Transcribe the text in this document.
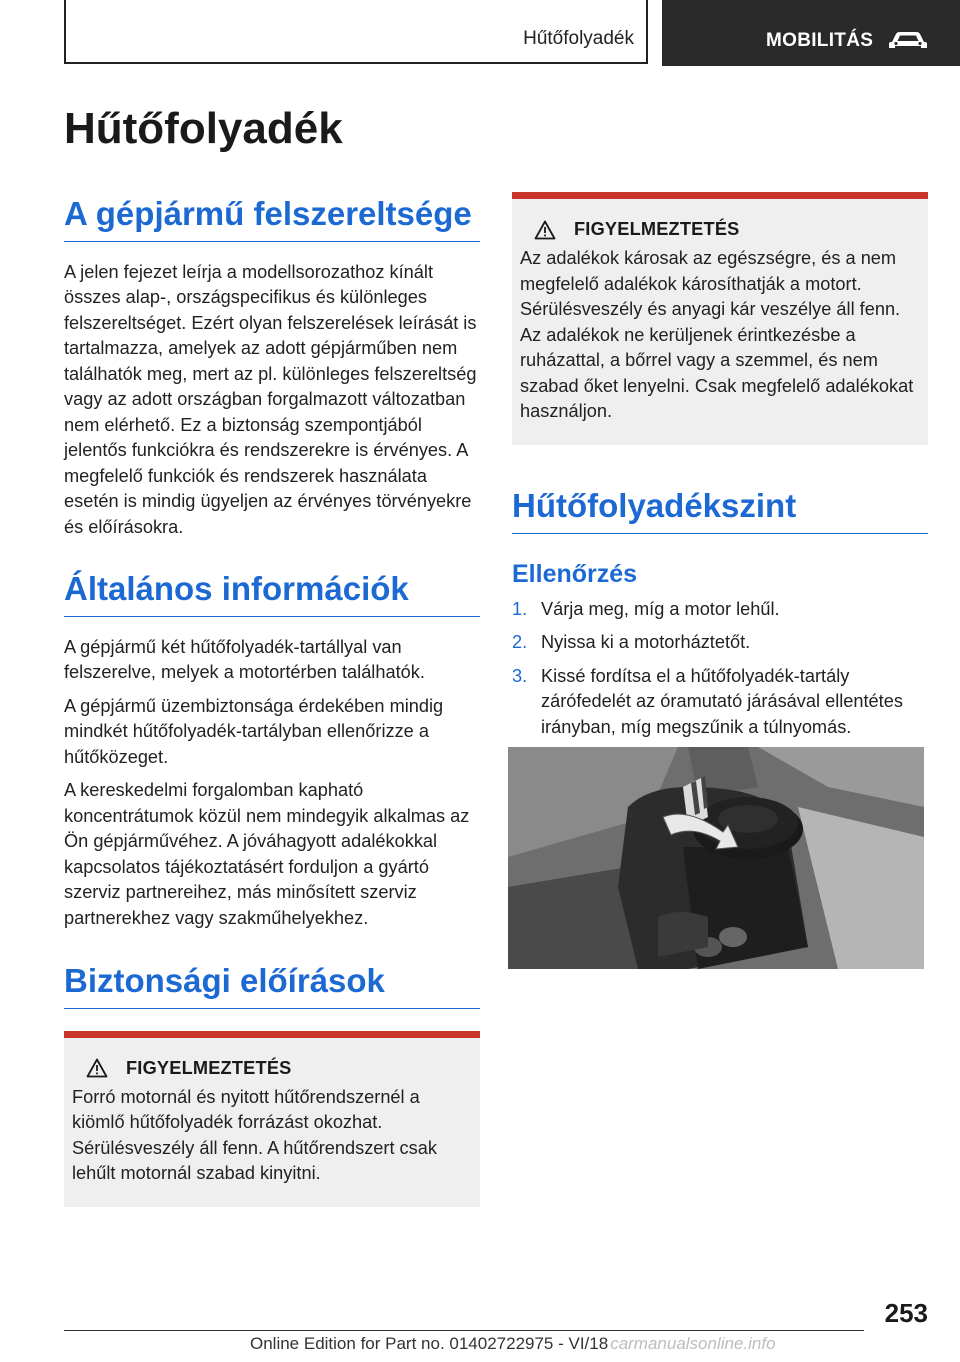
Hűtőfolyadék	MOBILITÁS
Hűtőfolyadék
A gépjármű felszereltsége

A jelen fejezet leírja a modellsorozathoz kínált összes alap-, országspecifikus és különleges felszereltséget. Ezért olyan felszerelések leírását is tartalmazza, amelyek az adott gépjárműben nem találhatók meg, mert az pl. különleges felszereltség vagy az adott országban forgalmazott változatban nem elérhető. Ez a biztonság szempontjából jelentős funkciókra és rendszerekre is érvényes. A megfelelő funkciók és rendszerek használata esetén is mindig ügyeljen az érvényes törvényekre és előírásokra.

Általános információk

A gépjármű két hűtőfolyadék-tartállyal van felszerelve, melyek a motortérben találhatók.

A gépjármű üzembiztonsága érdekében mindig mindkét hűtőfolyadék-tartályban ellenőrizze a hűtőközeget.

A kereskedelmi forgalomban kapható koncentrátumok közül nem mindegyik alkalmas az Ön gépjárművéhez. A jóváhagyott adalékokkal kapcsolatos tájékoztatásért forduljon a gyártó szerviz partnereihez, más minősített szerviz partnerekhez vagy szakműhelyekhez.

Biztonsági előírások
FIGYELMEZTETÉS

Forró motornál és nyitott hűtőrendszernél a kiömlő hűtőfolyadék forrázást okozhat. Sérülésveszély áll fenn. A hűtőrendszert csak lehűlt motornál szabad kinyitni.

FIGYELMEZTETÉS

Az adalékok károsak az egészségre, és a nem megfelelő adalékok károsíthatják a motort. Sérülésveszély és anyagi kár veszélye áll fenn. Az adalékok ne kerüljenek érintkezésbe a ruházattal, a bőrrel vagy a szemmel, és nem szabad őket lenyelni. Csak megfelelő adalékokat használjon.

Hűtőfolyadékszint
Ellenőrzés
1. Várja meg, míg a motor lehűl.
2. Nyissa ki a motorháztetőt.
3. Kissé fordítsa el a hűtőfolyadék-tartály zárófedelét az óramutató járásával ellentétes irányban, míg megszűnik a túlnyomás.
253
Online Edition for Part no. 01402722975 - VI/18 carmanualsonline.info
